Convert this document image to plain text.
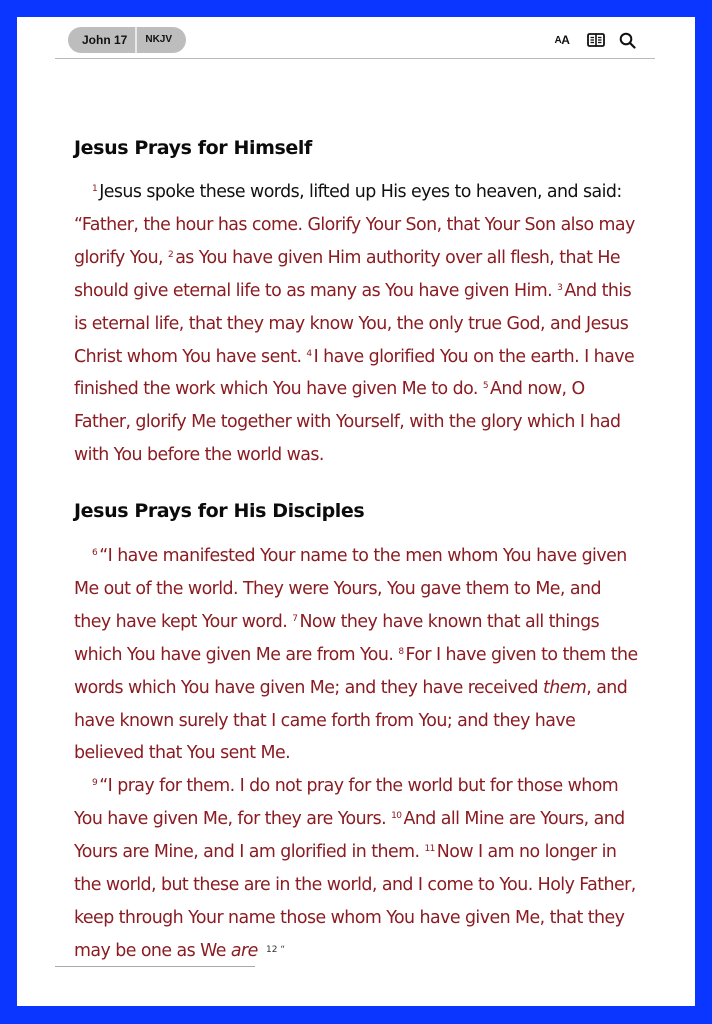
John 17	NKJV	A A
Jesus Prays for Himself
$^1$ Jesus spoke these words, lifted up His eyes to heaven, and said:
“Father, the hour has come. Glorify Your Son, that Your Son also may
glorify You, $^2$ as You have given Him authority over all flesh, that He
should give eternal life to as many as You have given Him. $^3$ And this
is eternal life, that they may know You, the only true God, and Jesus
Christ whom You have sent. $^4$ I have glorified You on the earth. I have
finished the work which You have given Me to do. $^5$ And now, O
Father, glorify Me together with Yourself, with the glory which I had
with You before the world was.
Jesus Prays for His Disciples
$^6$ “I have manifested Your name to the men whom You have given
Me out of the world. They were Yours, You gave them to Me, and
they have kept Your word. $^7$ Now they have known that all things
which You have given Me are from You. $^8$ For I have given to them the
words which You have given Me; and they have received them, and
have known surely that I came forth from You; and they have
believed that You sent Me.
$^9$ “I pray for them. I do not pray for the world but for those whom
You have given Me, for they are Yours. $^{10}$ And all Mine are Yours, and
Yours are Mine, and I am glorified in them. $^{11}$ Now I am no longer in
the world, but these are in the world, and I come to You. Holy Father,
keep through Your name those whom You have given Me, that they
may be one as We are 12 “
